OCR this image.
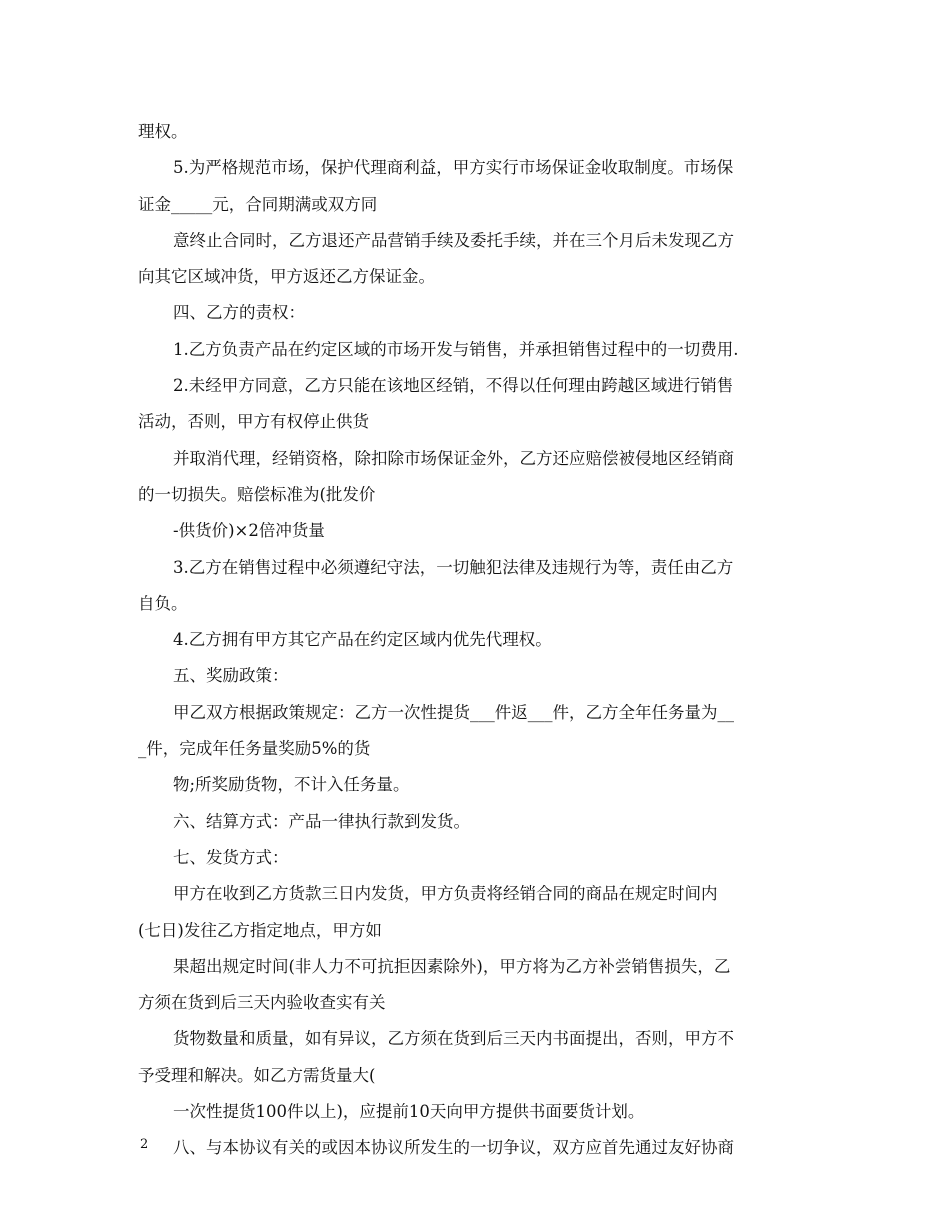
理权。
5.为严格规范市场，保护代理商利益，甲方实行市场保证金收取制度。市场保
证金_____元，合同期满或双方同
意终止合同时，乙方退还产品营销手续及委托手续，并在三个月后未发现乙方
向其它区域冲货，甲方返还乙方保证金。
四、乙方的责权：
1.乙方负责产品在约定区域的市场开发与销售，并承担销售过程中的一切费用.
2.未经甲方同意，乙方只能在该地区经销，不得以任何理由跨越区域进行销售
活动，否则，甲方有权停止供货
并取消代理，经销资格，除扣除市场保证金外，乙方还应赔偿被侵地区经销商
的一切损失。赔偿标准为(批发价
-供货价)×2倍冲货量
3.乙方在销售过程中必须遵纪守法，一切触犯法律及违规行为等，责任由乙方
自负。
4.乙方拥有甲方其它产品在约定区域内优先代理权。
五、奖励政策：
甲乙双方根据政策规定：乙方一次性提货___件返___件，乙方全年任务量为__
_件，完成年任务量奖励5%的货
物;所奖励货物，不计入任务量。
六、结算方式：产品一律执行款到发货。
七、发货方式：
甲方在收到乙方货款三日内发货，甲方负责将经销合同的商品在规定时间内
(七日)发往乙方指定地点，甲方如
果超出规定时间(非人力不可抗拒因素除外)，甲方将为乙方补尝销售损失，乙
方须在货到后三天内验收查实有关
货物数量和质量，如有异议，乙方须在货到后三天内书面提出，否则，甲方不
予受理和解决。如乙方需货量大(
一次性提货100件以上)，应提前10天向甲方提供书面要货计划。
八、与本协议有关的或因本协议所发生的一切争议，双方应首先通过友好协商
2
